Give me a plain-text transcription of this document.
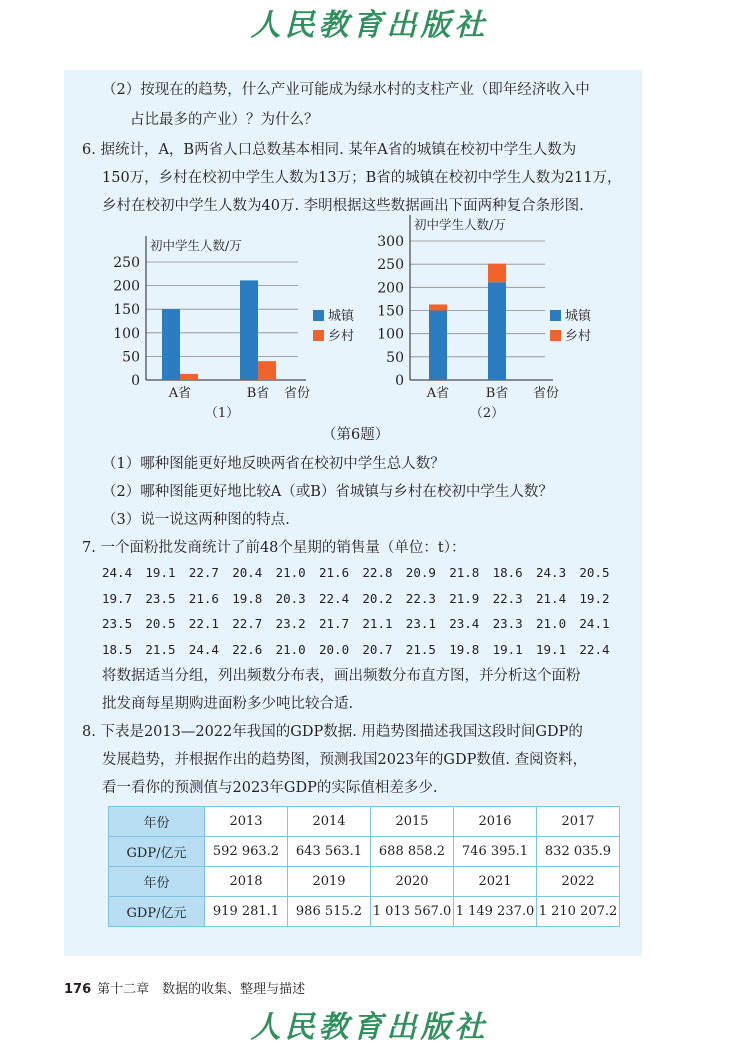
人民教育出版社
（2）按现在的趋势，什么产业可能成为绿水村的支柱产业（即年经济收入中
占比最多的产业）？为什么？
6. 据统计，A，B两省人口总数基本相同. 某年A省的城镇在校初中学生人数为
150万，乡村在校初中学生人数为13万；B省的城镇在校初中学生人数为211万，
乡村在校初中学生人数为40万. 李明根据这些数据画出下面两种复合条形图.
0
50
100
150
200
250
初中学生人数/万
A省	B省 省份
城镇
乡村
（1）
0
50
100
150
200
250
300
初中学生人数/万
A省	B省 省份
城镇
乡村
（2）
（第6题）
（1）哪种图能更好地反映两省在校初中学生总人数？
（2）哪种图能更好地比较A（或B）省城镇与乡村在校初中学生人数？
（3）说一说这两种图的特点.
7. 一个面粉批发商统计了前48个星期的销售量（单位：t）：
24.4 19.1 22.7 20.4 21.0 21.6 22.8 20.9 21.8 18.6 24.3 20.5
19.7 23.5 21.6 19.8 20.3 22.4 20.2 22.3 21.9 22.3 21.4 19.2
23.5 20.5 22.1 22.7 23.2 21.7 21.1 23.1 23.4 23.3 21.0 24.1
18.5 21.5 24.4 22.6 21.0 20.0 20.7 21.5 19.8 19.1 19.1 22.4
将数据适当分组，列出频数分布表，画出频数分布直方图，并分析这个面粉
批发商每星期购进面粉多少吨比较合适.
8. 下表是2013—2022年我国的GDP数据. 用趋势图描述我国这段时间GDP的
发展趋势，并根据作出的趋势图，预测我国2023年的GDP数值. 查阅资料，
看一看你的预测值与2023年GDP的实际值相差多少.
年份	2013	2014	2015	2016	2017
GDP/亿元	592 963.2	643 563.1	688 858.2	746 395.1	832 035.9
年份	2018	2019	2020	2021	2022
GDP/亿元	919 281.1	986 515.2	1 013 567.0	1 149 237.0	1 210 207.2
176 第十二章　数据的收集、整理与描述
人民教育出版社
